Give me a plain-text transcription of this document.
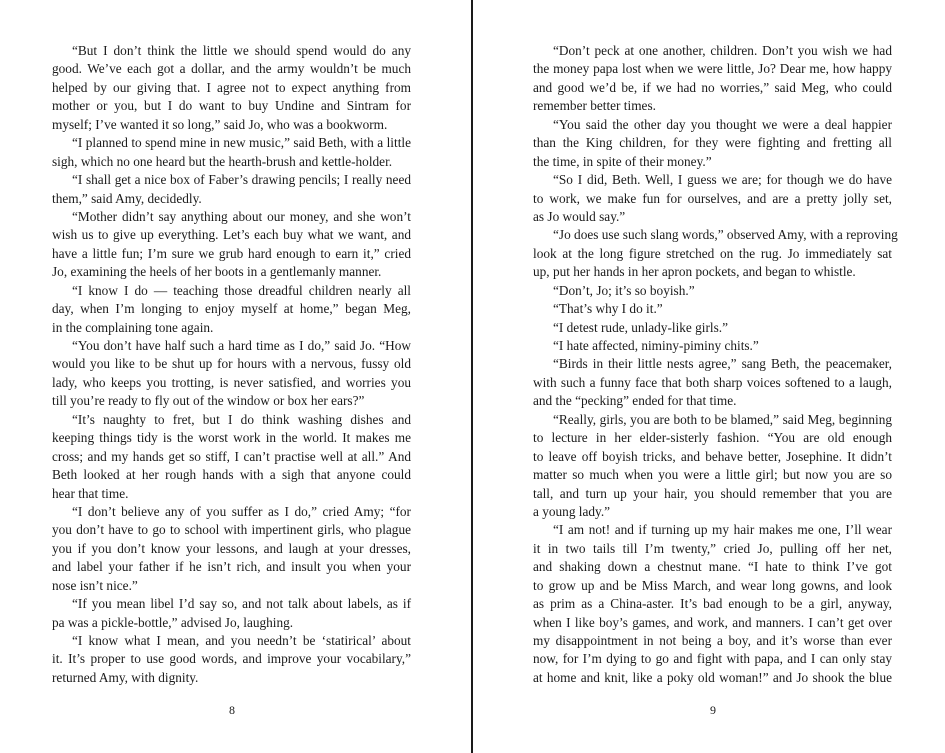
“But I don’t think the little we should spend would do any
good. We’ve each got a dollar, and the army wouldn’t be much
helped by our giving that. I agree not to expect anything from
mother or you, but I do want to buy Undine and Sintram for
myself; I’ve wanted it so long,” said Jo, who was a bookworm.
“I planned to spend mine in new music,” said Beth, with a little
sigh, which no one heard but the hearth-brush and kettle-holder.
“I shall get a nice box of Faber’s drawing pencils; I really need
them,” said Amy, decidedly.
“Mother didn’t say anything about our money, and she won’t
wish us to give up everything. Let’s each buy what we want, and
have a little fun; I’m sure we grub hard enough to earn it,” cried
Jo, examining the heels of her boots in a gentlemanly manner.
“I know I do — teaching those dreadful children nearly all
day, when I’m longing to enjoy myself at home,” began Meg,
in the complaining tone again.
“You don’t have half such a hard time as I do,” said Jo. “How
would you like to be shut up for hours with a nervous, fussy old
lady, who keeps you trotting, is never satisfied, and worries you
till you’re ready to fly out of the window or box her ears?”
“It’s naughty to fret, but I do think washing dishes and
keeping things tidy is the worst work in the world. It makes me
cross; and my hands get so stiff, I can’t practise well at all.” And
Beth looked at her rough hands with a sigh that anyone could
hear that time.
“I don’t believe any of you suffer as I do,” cried Amy; “for
you don’t have to go to school with impertinent girls, who plague
you if you don’t know your lessons, and laugh at your dresses,
and label your father if he isn’t rich, and insult you when your
nose isn’t nice.”
“If you mean libel I’d say so, and not talk about labels, as if
pa was a pickle-bottle,” advised Jo, laughing.
“I know what I mean, and you needn’t be ‘statirical’ about
it. It’s proper to use good words, and improve your vocabilary,”
returned Amy, with dignity.
“Don’t peck at one another, children. Don’t you wish we had
the money papa lost when we were little, Jo? Dear me, how happy
and good we’d be, if we had no worries,” said Meg, who could
remember better times.
“You said the other day you thought we were a deal happier
than the King children, for they were fighting and fretting all
the time, in spite of their money.”
“So I did, Beth. Well, I guess we are; for though we do have
to work, we make fun for ourselves, and are a pretty jolly set,
as Jo would say.”
“Jo does use such slang words,” observed Amy, with a reproving
look at the long figure stretched on the rug. Jo immediately sat
up, put her hands in her apron pockets, and began to whistle.
“Don’t, Jo; it’s so boyish.”
“That’s why I do it.”
“I detest rude, unlady-like girls.”
“I hate affected, niminy-piminy chits.”
“Birds in their little nests agree,” sang Beth, the peacemaker,
with such a funny face that both sharp voices softened to a laugh,
and the “pecking” ended for that time.
“Really, girls, you are both to be blamed,” said Meg, beginning
to lecture in her elder-sisterly fashion. “You are old enough
to leave off boyish tricks, and behave better, Josephine. It didn’t
matter so much when you were a little girl; but now you are so
tall, and turn up your hair, you should remember that you are
a young lady.”
“I am not! and if turning up my hair makes me one, I’ll wear
it in two tails till I’m twenty,” cried Jo, pulling off her net,
and shaking down a chestnut mane. “I hate to think I’ve got
to grow up and be Miss March, and wear long gowns, and look
as prim as a China-aster. It’s bad enough to be a girl, anyway,
when I like boy’s games, and work, and manners. I can’t get over
my disappointment in not being a boy, and it’s worse than ever
now, for I’m dying to go and fight with papa, and I can only stay
at home and knit, like a poky old woman!” and Jo shook the blue
8	9
